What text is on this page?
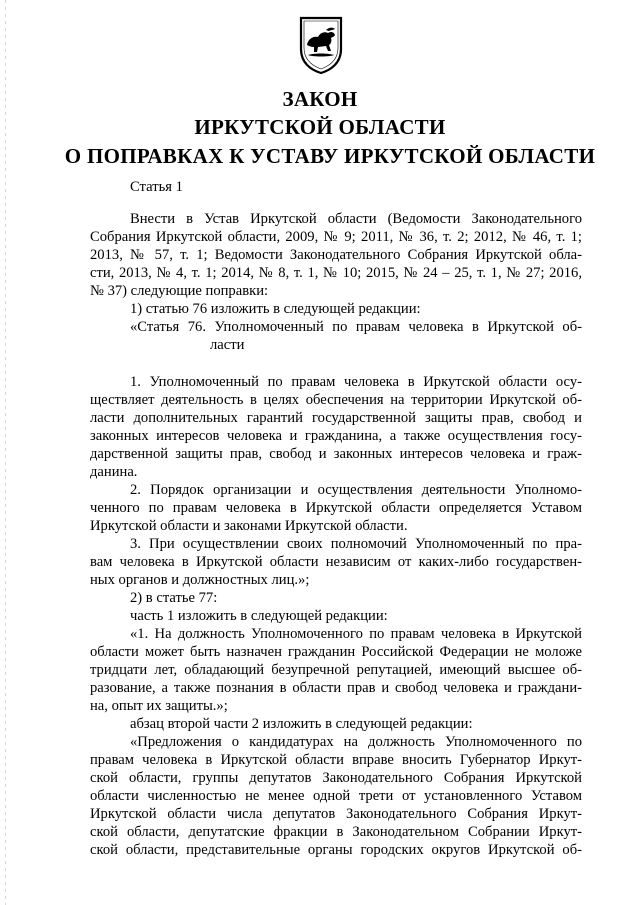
ЗАКОН
ИРКУТСКОЙ ОБЛАСТИ
О ПОПРАВКАХ К УСТАВУ ИРКУТСКОЙ ОБЛАСТИ

Статья 1

Внести в Устав Иркутской области (Ведомости Законодательного

Собрания Иркутской области, 2009, № 9; 2011, № 36, т. 2; 2012, № 46, т. 1;

2013, № 57, т. 1; Ведомости Законодательного Собрания Иркутской обла-

сти, 2013, № 4, т. 1; 2014, № 8, т. 1, № 10; 2015, № 24 – 25, т. 1, № 27; 2016,

№ 37) следующие поправки:

1) статью 76 изложить в следующей редакции:

«Статья 76. Уполномоченный по правам человека в Иркутской об-

ласти

1. Уполномоченный по правам человека в Иркутской области осу-

ществляет деятельность в целях обеспечения на территории Иркутской об-

ласти дополнительных гарантий государственной защиты прав, свобод и

законных интересов человека и гражданина, а также осуществления госу-

дарственной защиты прав, свобод и законных интересов человека и граж-

данина.

2. Порядок организации и осуществления деятельности Уполномо-

ченного по правам человека в Иркутской области определяется Уставом

Иркутской области и законами Иркутской области.

3. При осуществлении своих полномочий Уполномоченный по пра-

вам человека в Иркутской области независим от каких-либо государствен-

ных органов и должностных лиц.»;

2) в статье 77:

часть 1 изложить в следующей редакции:

«1. На должность Уполномоченного по правам человека в Иркутской

области может быть назначен гражданин Российской Федерации не моложе

тридцати лет, обладающий безупречной репутацией, имеющий высшее об-

разование, а также познания в области прав и свобод человека и граждани-

на, опыт их защиты.»;

абзац второй части 2 изложить в следующей редакции:

«Предложения о кандидатурах на должность Уполномоченного по

правам человека в Иркутской области вправе вносить Губернатор Иркут-

ской области, группы депутатов Законодательного Собрания Иркутской

области численностью не менее одной трети от установленного Уставом

Иркутской области числа депутатов Законодательного Собрания Иркут-

ской области, депутатские фракции в Законодательном Собрании Иркут-

ской области, представительные органы городских округов Иркутской об-
